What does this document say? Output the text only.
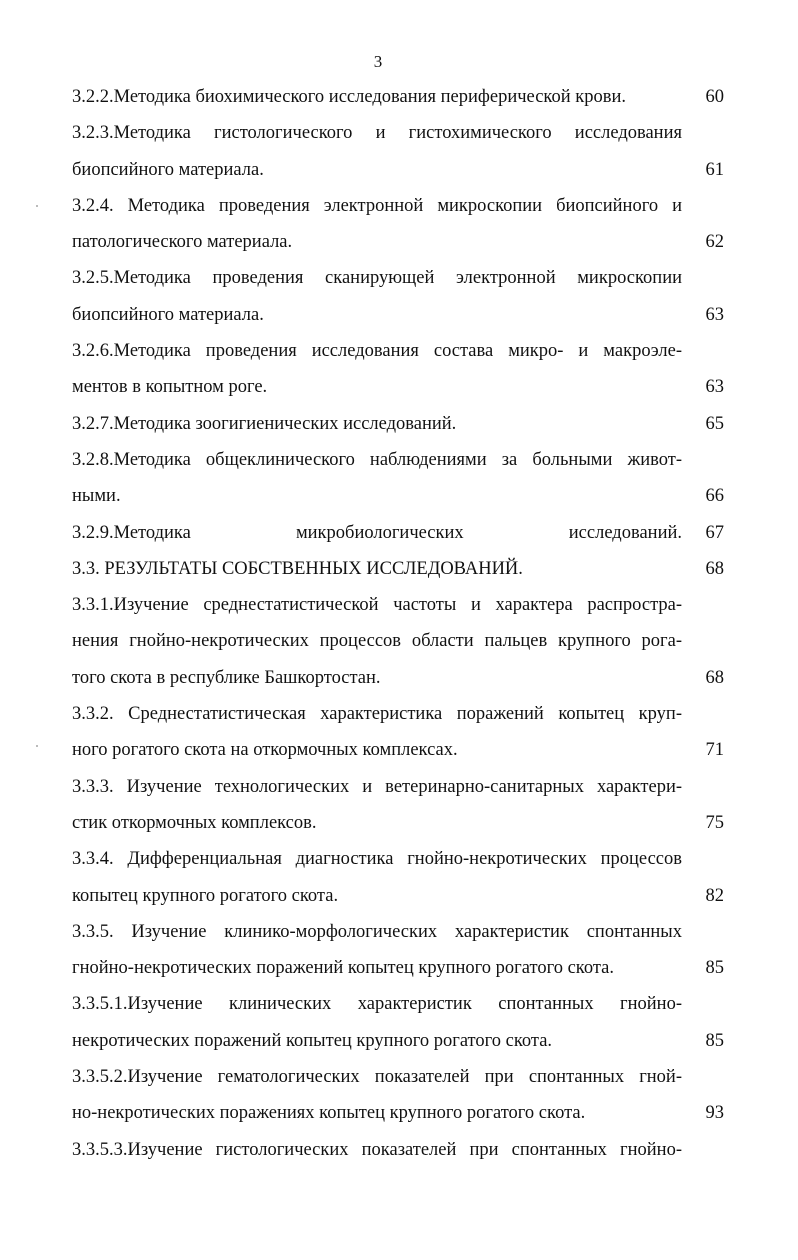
3
3.2.2.Методика биохимического исследования периферической крови.	60
3.2.3.Методика гистологического и гистохимического исследования
биопсийного материала.	61
3.2.4. Методика проведения электронной микроскопии биопсийного и
патологического материала.	62
3.2.5.Методика проведения сканирующей электронной микроскопии
биопсийного материала.	63
3.2.6.Методика проведения исследования состава микро- и макроэле-
ментов в копытном роге.	63
3.2.7.Методика зоогигиенических исследований.	65
3.2.8.Методика общеклинического наблюдениями за больными живот-
ными.	66
3.2.9.Методика микробиологических исследований. 67
3.3. РЕЗУЛЬТАТЫ СОБСТВЕННЫХ ИССЛЕДОВАНИЙ.	68
3.3.1.Изучение среднестатистической частоты и характера распростра-
нения гнойно-некротических процессов области пальцев крупного рога-
того скота в республике Башкортостан.	68
3.3.2. Среднестатистическая характеристика поражений копытец круп-
ного рогатого скота на откормочных комплексах.	71
3.3.3. Изучение технологических и ветеринарно-санитарных характери-
стик откормочных комплексов.	75
3.3.4. Дифференциальная диагностика гнойно-некротических процессов
копытец крупного рогатого скота.	82
3.3.5. Изучение клинико-морфологических характеристик спонтанных
гнойно-некротических поражений копытец крупного рогатого скота.	85
3.3.5.1.Изучение клинических характеристик спонтанных гнойно-
некротических поражений копытец крупного рогатого скота.	85
3.3.5.2.Изучение гематологических показателей при спонтанных гной-
но-некротических поражениях копытец крупного рогатого скота.	93
3.3.5.3.Изучение гистологических показателей при спонтанных гнойно-
